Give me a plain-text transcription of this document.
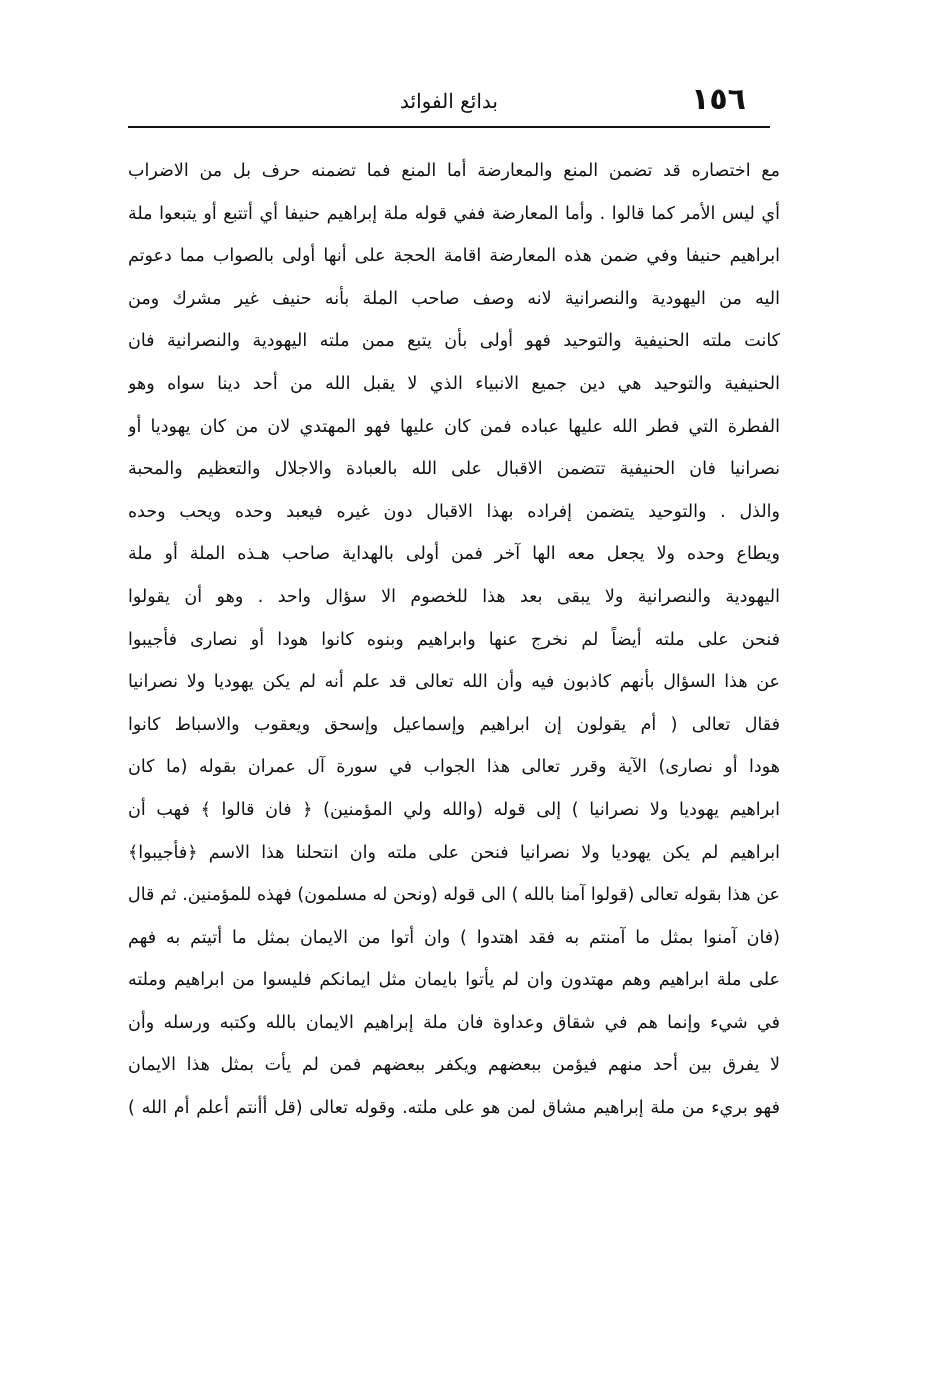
١٥٦
بدائع الفوائد
مع اختصاره قد تضمن المنع والمعارضة أما المنع فما تضمنه حرف بل من الاضراب
أي ليس الأمر كما قالوا . وأما المعارضة ففي قوله ملة إبراهيم حنيفا أي أتتبع أو يتبعوا ملة
ابراهيم حنيفا وفي ضمن هذه المعارضة اقامة الحجة على أنها أولى بالصواب مما دعوتم
اليه من اليهودية والنصرانية لانه وصف صاحب الملة بأنه حنيف غير مشرك ومن
كانت ملته الحنيفية والتوحيد فهو أولى بأن يتبع ممن ملته اليهودية والنصرانية فان
الحنيفية والتوحيد هي دين جميع الانبياء الذي لا يقبل الله من أحد دينا سواه وهو
الفطرة التي فطر الله عليها عباده فمن كان عليها فهو المهتدي لان من كان يهوديا أو
نصرانيا فان الحنيفية تتضمن الاقبال على الله بالعبادة والاجلال والتعظيم والمحبة
والذل . والتوحيد يتضمن إفراده بهذا الاقبال دون غيره فيعبد وحده ويحب وحده
ويطاع وحده ولا يجعل معه الها آخر فمن أولى بالهداية صاحب هـذه الملة أو ملة
اليهودية والنصرانية ولا يبقى بعد هذا للخصوم الا سؤال واحد . وهو أن يقولوا
فنحن على ملته أيضاً لم نخرج عنها وابراهيم وبنوه كانوا هودا أو نصارى فأجيبوا
عن هذا السؤال بأنهم كاذبون فيه وأن الله تعالى قد علم أنه لم يكن يهوديا ولا نصرانيا
فقال تعالى ( أم يقولون إن ابراهيم وإسماعيل وإسحق ويعقوب والاسباط كانوا
هودا أو نصارى) الآية وقرر تعالى هذا الجواب في سورة آل عمران بقوله (ما كان
ابراهيم يهوديا ولا نصرانيا ) إلى قوله (والله ولي المؤمنين) ﴿ فان قالوا ﴾ فهب أن
ابراهيم لم يكن يهوديا ولا نصرانيا فنحن على ملته وان انتحلنا هذا الاسم ﴿فأجيبوا﴾
عن هذا بقوله تعالى (قولوا آمنا بالله ) الى قوله (ونحن له مسلمون) فهذه للمؤمنين. ثم قال
(فان آمنوا بمثل ما آمنتم به فقد اهتدوا ) وان أتوا من الايمان بمثل ما أتيتم به فهم
على ملة ابراهيم وهم مهتدون وان لم يأتوا بايمان مثل ايمانكم فليسوا من ابراهيم وملته
في شيء وإنما هم في شقاق وعداوة فان ملة إبراهيم الايمان بالله وكتبه ورسله وأن
لا يفرق بين أحد منهم فيؤمن ببعضهم ويكفر ببعضهم فمن لم يأت بمثل هذا الايمان
فهو بريء من ملة إبراهيم مشاق لمن هو على ملته. وقوله تعالى (قل أأنتم أعلم أم الله )
